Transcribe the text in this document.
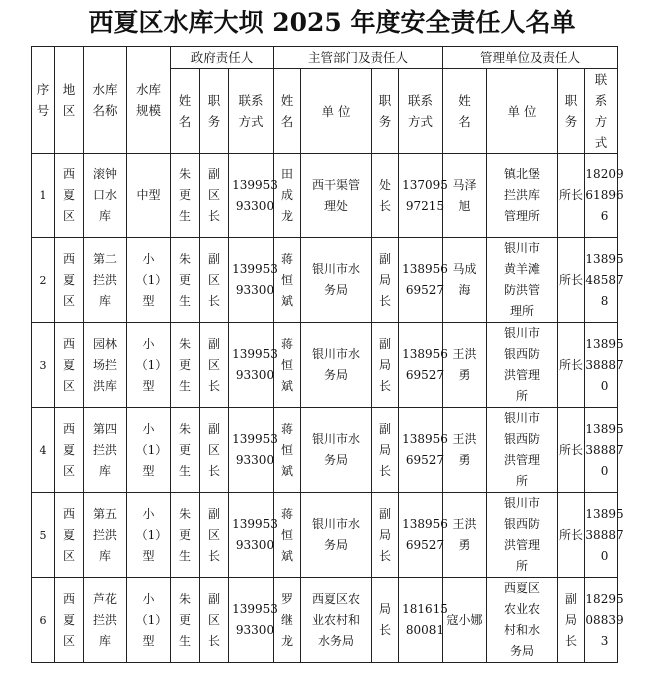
西夏区水库大坝 2025 年度安全责任人名单
序号	地区	水库名称	水库规模	政府责任人			主管部门及责任人				管理单位及责任人			

				姓名	职务	联系方式	姓名	单 位	职务	联系方式	姓名	单 位	职务	联系方式

1	西夏区	滚钟口水库	中型	朱更生	副区长	13995393300	田成龙	西干渠管理处	处长	13709597215	马泽旭	镇北堡拦洪库管理所	所长	18209618966

2	西夏区	第二拦洪库	小（1）型	朱更生	副区长	13995393300	蒋恒斌	银川市水务局	副局长	13895669527	马成海	银川市黄羊滩防洪管理所	所长	13895485878

3	西夏区	园林场拦洪库	小（1）型	朱更生	副区长	13995393300	蒋恒斌	银川市水务局	副局长	13895669527	王洪勇	银川市银西防洪管理所	所长	13895388870

4	西夏区	第四拦洪库	小（1）型	朱更生	副区长	13995393300	蒋恒斌	银川市水务局	副局长	13895669527	王洪勇	银川市银西防洪管理所	所长	13895388870

5	西夏区	第五拦洪库	小（1）型	朱更生	副区长	13995393300	蒋恒斌	银川市水务局	副局长	13895669527	王洪勇	银川市银西防洪管理所	所长	13895388870

6	西夏区	芦花拦洪库	小（1）型	朱更生	副区长	13995393300	罗继龙	西夏区农业农村和水务局	局长	18161580081	寇小娜	西夏区农业农村和水务局	副局长	18295088393
